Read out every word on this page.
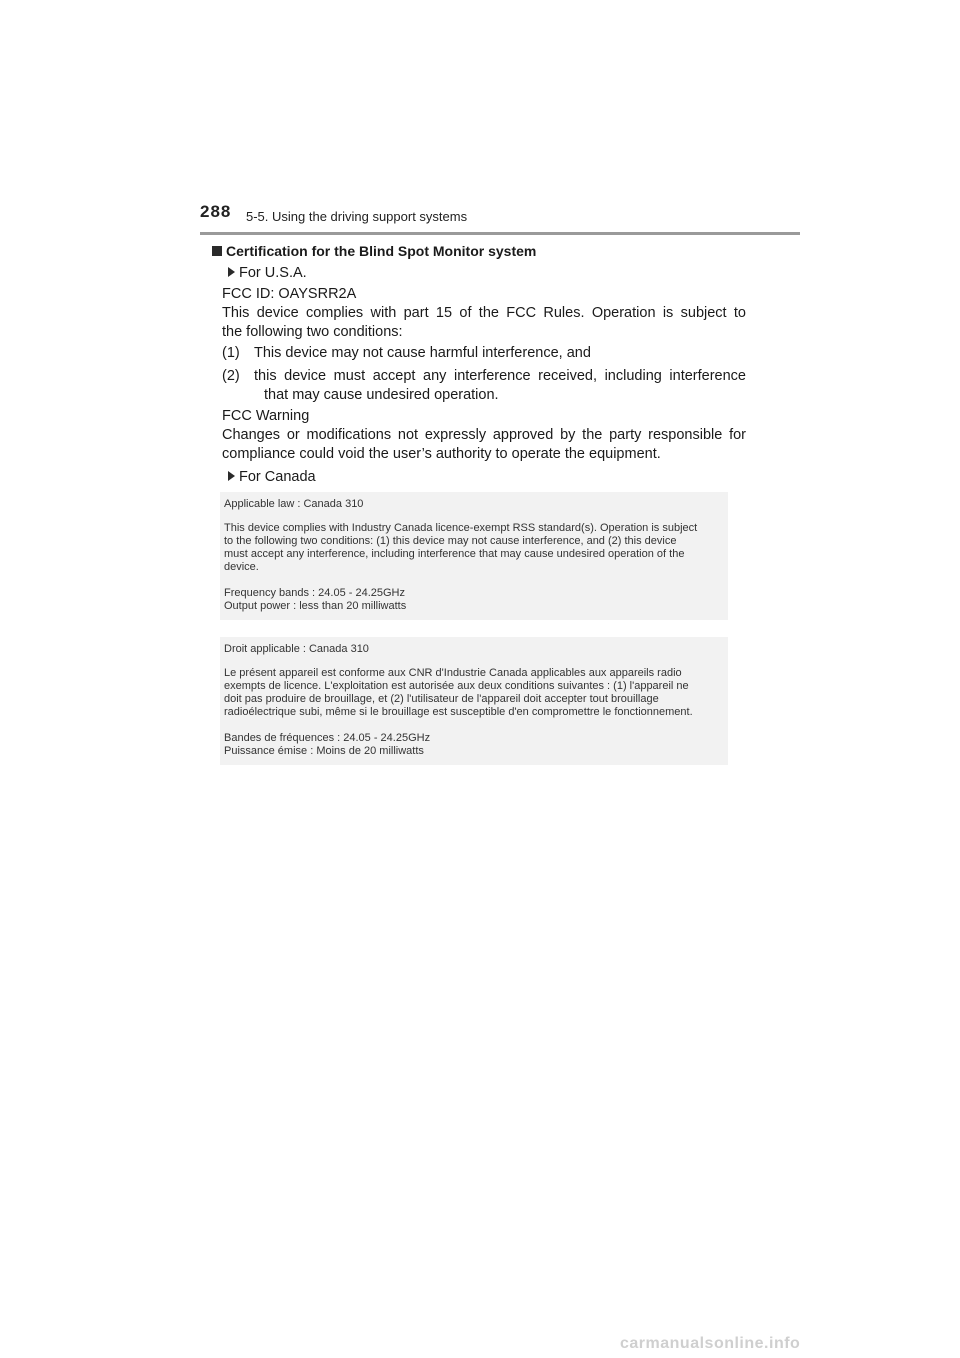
288 5-5. Using the driving support systems
Certification for the Blind Spot Monitor system
For U.S.A.
FCC ID: OAYSRR2A
This device complies with part 15 of the FCC Rules. Operation is subject to
the following two conditions:
(1) This device may not cause harmful interference, and
(2) this device must accept any interference received, including interference
that may cause undesired operation.
FCC Warning
Changes or modifications not expressly approved by the party responsible for
compliance could void the user’s authority to operate the equipment.
For Canada
Applicable law : Canada 310
This device complies with Industry Canada licence-exempt RSS standard(s). Operation is subject
to the following two conditions: (1) this device may not cause interference, and (2) this device
must accept any interference, including interference that may cause undesired operation of the
device.
Frequency bands : 24.05 - 24.25GHz
Output power : less than 20 milliwatts
Droit applicable : Canada 310
Le présent appareil est conforme aux CNR d'Industrie Canada applicables aux appareils radio
exempts de licence. L'exploitation est autorisée aux deux conditions suivantes : (1) l'appareil ne
doit pas produire de brouillage, et (2) l'utilisateur de l'appareil doit accepter tout brouillage
radioélectrique subi, même si le brouillage est susceptible d'en compromettre le fonctionnement.
Bandes de fréquences : 24.05 - 24.25GHz
Puissance émise : Moins de 20 milliwatts
carmanualsonline.info
